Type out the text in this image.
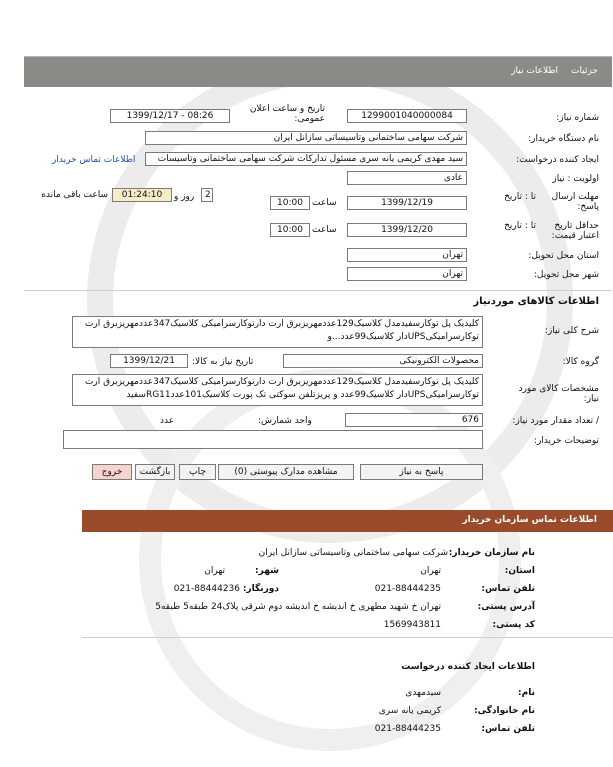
جزئیات
اطلاعات نیاز
شماره نیاز:
1299001040000084
تاریخ و ساعت اعلان عمومی:
1399/12/17 - 08:26
نام دستگاه خریدار:
شرکت سهامی ساختمانی وتاسیساتی سازانل ایران
ایجاد کننده درخواست:
سید مهدی کریمی یانه سری مسئول تدارکات شرکت سهامی ساختمانی وتاسیسات
اطلاعات تماس خریدار
اولویت : نیاز
عادی
مهلت ارسال پاسخ:
تا : تاریخ
1399/12/19
ساعت
10:00
2
روز و
01:24:10
ساعت باقی مانده
حداقل تاریخ اعتبار قیمت:
تا : تاریخ
1399/12/20
ساعت
10:00
استان محل تحویل:
تهران
شهر محل تحویل:
تهران
اطلاعات کالاهای موردنیاز
شرح کلی نیاز:
کلیدیک پل توکارسفیدمدل کلاسیک129عددمهریزبرق ارت دارتوکارسرامیکی کلاسیک347عددمهریزبرق ارت توکارسرامیکیUPSدار کلاسیک99عدد...و
گروه کالا:
محصولات الکترونیکی
تاریخ نیاز به کالا:
1399/12/21
مشخصات کالای مورد نیاز:
کلیدیک پل توکارسفیدمدل کلاسیک129عددمهریزبرق ارت دارتوکارسرامیکی کلاسیک347عددمهریزبرق ارت توکارسرامیکیUPSدار کلاسیک99عدد و پریزتلفن سوکتی تک پورت کلاسیک101عددRG11سفید
/ تعداد مقدار مورد نیاز:
676
واحد شمارش:
عدد
توضیحات خریدار:
پاسخ به نیاز
مشاهده مدارک پیوستی (0)
چاپ
بازگشت
خروج
اطلاعات تماس سازمان خریدار
نام سازمان خریدار:
شرکت سهامی ساختمانی وتاسیساتی سازانل ایران
استان:
تهران
شهر:
تهران
تلفن تماس:
021-88444235
دورنگار:
021-88444236
آدرس پستی:
تهران خ شهید مطهری خ اندیشه خ اندیشه دوم شرقی پلاک24 طبقه5 طبقه5
کد پستی:
1569943811
اطلاعات ایجاد کننده درخواست
نام:
سیدمهدی
نام خانوادگی:
کریمی یانه سری
تلفن تماس:
021-88444235
